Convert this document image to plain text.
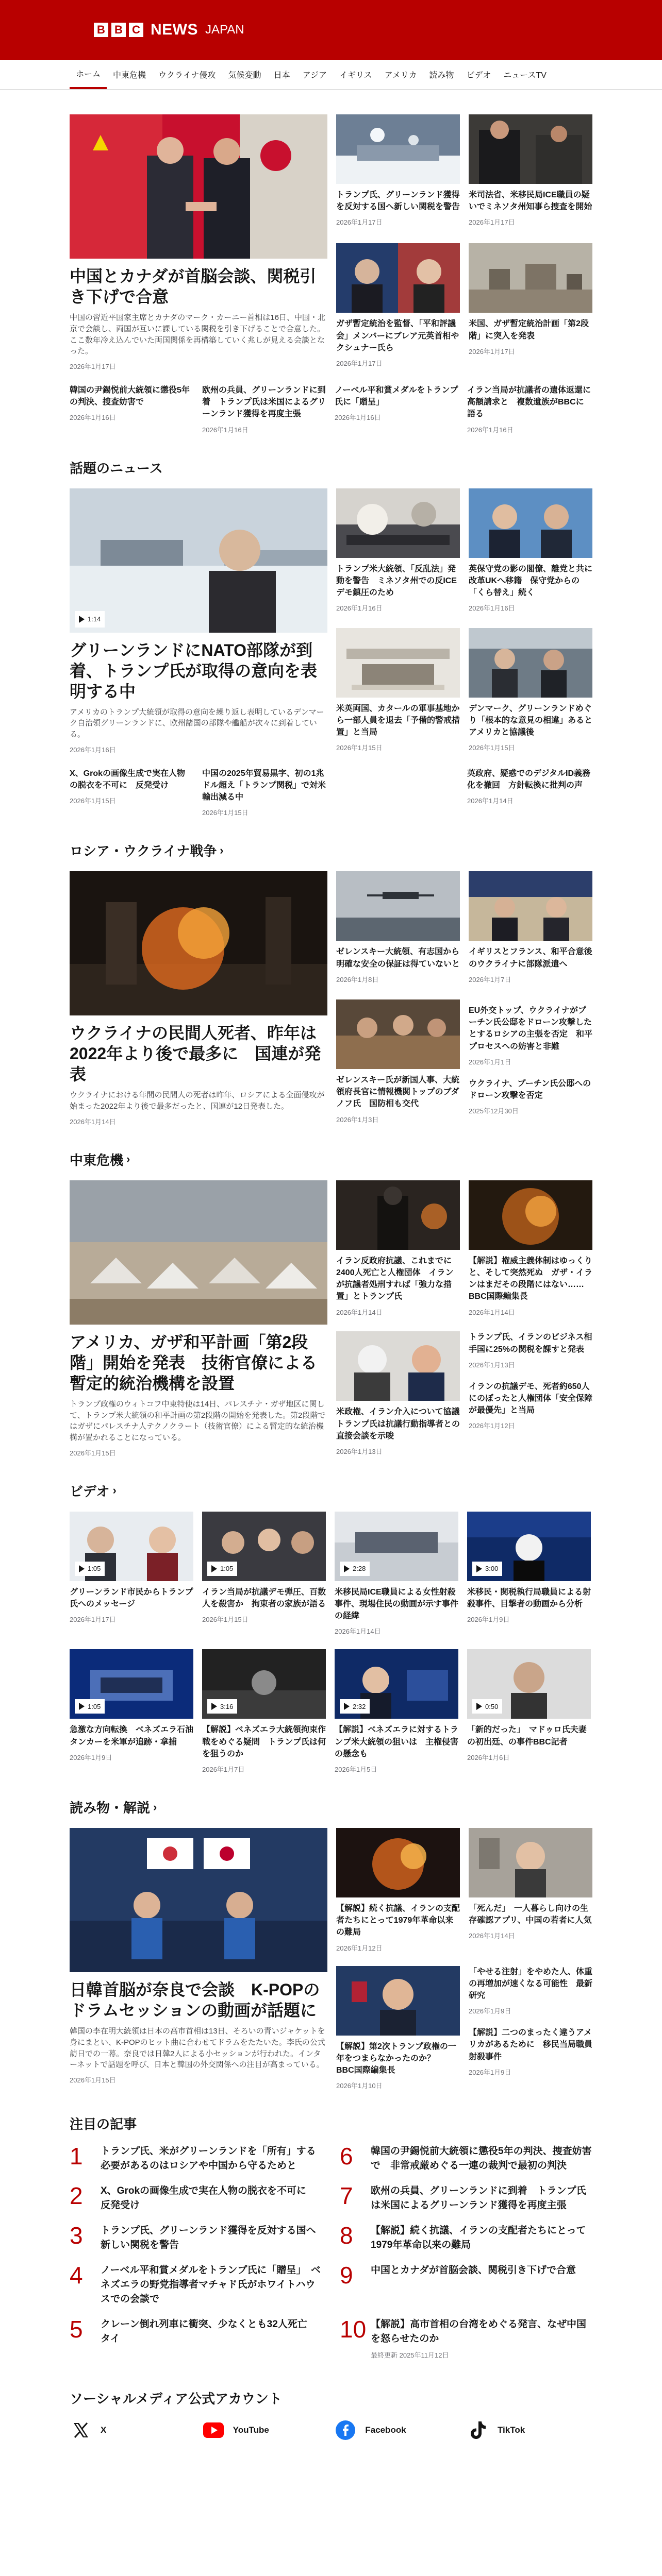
B B C NEWS JAPAN
ホーム	中東危機	ウクライナ侵攻	気候変動	日本	アジア	イギリス	アメリカ	読み物	ビデオ	ニュースTV
中国とカナダが首脳会談、関税引き下げで合意
中国の習近平国家主席とカナダのマーク・カーニー首相は16日、中国・北京で会談し、両国が互いに課している関税を引き下げることで合意した。ここ数年冷え込んでいた両国関係を再構築していく兆しが見える会談となった。
2026年1月17日
トランプ氏、グリーンランド獲得を反対する国へ新しい関税を警告
2026年1月17日
米司法省、米移民局ICE職員の疑いでミネソタ州知事ら捜査を開始
2026年1月17日
ガザ暫定統治を監督、「平和評議会」メンバーにブレア元英首相やクシュナー氏ら
2026年1月17日
米国、ガザ暫定統治計画「第2段階」に突入を発表
2026年1月17日
韓国の尹錫悦前大統領に懲役5年の判決、捜査妨害で
2026年1月16日
欧州の兵員、グリーンランドに到着　トランプ氏は米国によるグリーンランド獲得を再度主張
2026年1月16日
ノーベル平和賞メダルをトランプ氏に「贈呈」
2026年1月16日
イラン当局が抗議者の遺体返還に高額請求と　複数遺族がBBCに語る
2026年1月16日
話題のニュース
1:14
グリーンランドにNATO部隊が到着、トランプ氏が取得の意向を表明する中
アメリカのトランプ大統領が取得の意向を繰り返し表明しているデンマーク自治領グリーンランドに、欧州諸国の部隊や艦船が次々に到着している。
2026年1月16日
トランプ米大統領、「反乱法」発動を警告　ミネソタ州での反ICEデモ鎮圧のため
2026年1月16日
英保守党の影の閣僚、離党と共に改革UKへ移籍　保守党からの「くら替え」続く
2026年1月16日
米英両国、カタールの軍事基地から一部人員を退去「予備的警戒措置」と当局
2026年1月15日
デンマーク、グリーンランドめぐり「根本的な意見の相違」あるとアメリカと協議後
2026年1月15日
X、Grokの画像生成で実在人物の脱衣を不可に　反発受け
2026年1月15日
中国の2025年貿易黒字、初の1兆ドル超え「トランプ関税」で対米輸出減る中
2026年1月15日
英政府、疑惑でのデジタルID義務化を撤回　方針転換に批判の声
2026年1月14日
ロシア・ウクライナ戦争 ›
ウクライナの民間人死者、昨年は2022年より後で最多に　国連が発表
ウクライナにおける年間の民間人の死者は昨年、ロシアによる全面侵攻が始まった2022年より後で最多だったと、国連が12日発表した。
2026年1月14日
ゼレンスキー大統領、有志国から明確な安全の保証は得ていないと
2026年1月8日
イギリスとフランス、和平合意後のウクライナに部隊派遣へ
2026年1月7日
ゼレンスキー氏が新国人事、大統領府長官に情報機関トップのブダノフ氏　国防相も交代
2026年1月3日
EU外交トップ、ウクライナがプーチン氏公邸をドローン攻撃したとするロシアの主張を否定　和平プロセスへの妨害と非難
2026年1月1日
ウクライナ、プーチン氏公邸へのドローン攻撃を否定
2025年12月30日
中東危機 ›
アメリカ、ガザ和平計画「第2段階」開始を発表　技術官僚による暫定的統治機構を設置
トランプ政権のウィトコフ中東特使は14日、パレスチナ・ガザ地区に関して、トランプ米大統領の和平計画の第2段階の開始を発表した。第2段階ではガザにパレスチナ人テクノクラート（技術官僚）による暫定的な統治機構が置かれることになっている。
2026年1月15日
イラン反政府抗議、これまでに2400人死亡と人権団体　イランが抗議者処刑すれば「強力な措置」とトランプ氏
2026年1月14日
【解説】権威主義体制はゆっくりと、そして突然死ぬ　ガザ・イランはまだその段階にはない…… BBC国際編集長
2026年1月14日
米政権、イラン介入について協議　トランプ氏は抗議行動指導者との直接会談を示唆
2026年1月13日
トランプ氏、イランのビジネス相手国に25%の関税を課すと発表
2026年1月13日
イランの抗議デモ、死者約650人にのぼったと人権団体「安全保障が最優先」と当局
2026年1月12日
ビデオ ›
1:05
グリーンランド市民からトランプ氏へのメッセージ
2026年1月17日
1:05
イラン当局が抗議デモ弾圧、百数人を殺害か　拘束者の家族が語る
2026年1月15日
2:28
米移民局ICE職員による女性射殺事件、現場住民の動画が示す事件の経緯
2026年1月14日
3:00
米移民・関税執行局職員による射殺事件、目撃者の動画から分析
2026年1月9日
1:05
急激な方向転換　ベネズエラ石油タンカーを米軍が追跡・拿捕
2026年1月9日
3:16
【解説】ベネズエラ大統領拘束作戦をめぐる疑問　トランプ氏は何を狙うのか
2026年1月7日
2:32
【解説】ベネズエラに対するトランプ米大統領の狙いは　主権侵害の懸念も
2026年1月5日
0:50
「新的だった」　マドゥロ氏夫妻の初出廷、の事件BBC記者
2026年1月6日
読み物・解説 ›
日韓首脳が奈良で会談　K-POPのドラムセッションの動画が話題に
韓国の李在明大統領は日本の高市首相は13日、そろいの青いジャケットを身にまとい、K-POPのヒット曲に合わせてドラムをたたいた。李氏の公式訪日での一幕。奈良では日韓2人による小セッションが行われた。インターネットで話題を呼び、日本と韓国の外交関係への注目が高まっている。
2026年1月15日
【解説】続く抗議、イランの支配者たちにとって1979年革命以来の難局
2026年1月12日
「死んだ」　一人暮らし向けの生存確認アプリ、中国の若者に人気
2026年1月14日
【解説】第2次トランプ政権の一年をつまらなかったのか？　BBC国際編集長
2026年1月10日
「やせる注射」をやめた人、体重の再増加が速くなる可能性　最新研究
2026年1月9日
【解説】二つのまったく違うアメリカがあるために　移民当局職員射殺事件
2026年1月9日
注目の記事
1	トランプ氏、米がグリーンランドを「所有」する必要があるのはロシアや中国から守るためと
2	X、Grokの画像生成で実在人物の脱衣を不可に　反発受け
3	トランプ氏、グリーンランド獲得を反対する国へ新しい関税を警告
4	ノーベル平和賞メダルをトランプ氏に「贈呈」　ベネズエラの野党指導者マチャド氏がホワイトハウスでの会談で
5	クレーン倒れ列車に衝突、少なくとも32人死亡　タイ
6	韓国の尹錫悦前大統領に懲役5年の判決、捜査妨害で　非常戒厳めぐる一連の裁判で最初の判決
7	欧州の兵員、グリーンランドに到着　トランプ氏は米国によるグリーンランド獲得を再度主張
8	【解説】続く抗議、イランの支配者たちにとって1979年革命以来の難局
9	中国とカナダが首脳会談、関税引き下げで合意
10 【解説】高市首相の台湾をめぐる発言、なぜ中国を怒らせたのか
最終更新 2025年11月12日
ソーシャルメディア公式アカウント
X	YouTube	Facebook	TikTok
